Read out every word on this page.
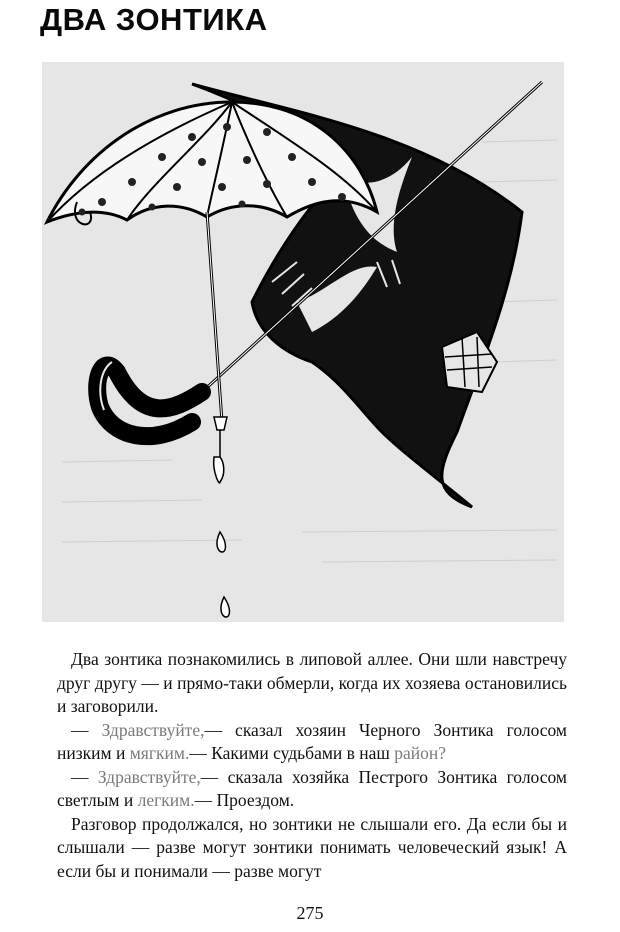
ДВА ЗОНТИКА

Два зонтика познакомились в липовой аллее. Они шли навстречу друг другу — и прямо-таки обмерли, когда их хозяева остановились и заговорили.

— Здравствуйте,— сказал хозяин Черного Зонтика голосом низким и мягким.— Какими судьбами в наш район?

— Здравствуйте,— сказала хозяйка Пестрого Зонтика голосом светлым и легким.— Проездом.

Разговор продолжался, но зонтики не слышали его. Да если бы и слышали — разве могут зонтики понимать человеческий язык! А если бы и понимали — разве могут

275
